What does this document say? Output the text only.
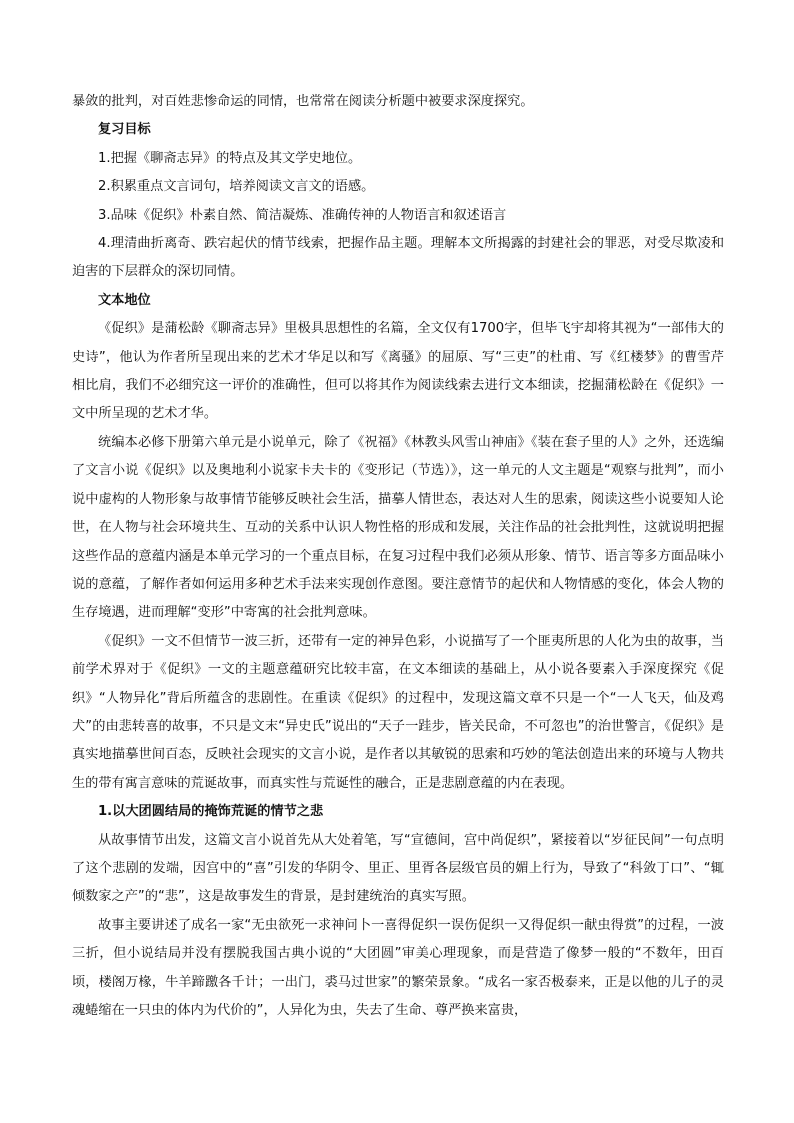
暴敛的批判，对百姓悲惨命运的同情，也常常在阅读分析题中被要求深度探究。

复习目标

1.把握《聊斋志异》的特点及其文学史地位。

2.积累重点文言词句，培养阅读文言文的语感。

3.品味《促织》朴素自然、简洁凝炼、准确传神的人物语言和叙述语言

4.理清曲折离奇、跌宕起伏的情节线索，把握作品主题。理解本文所揭露的封建社会的罪恶，对受尽欺凌和迫害的下层群众的深切同情。

文本地位

《促织》是蒲松龄《聊斋志异》里极具思想性的名篇，全文仅有1700字，但毕飞宇却将其视为“一部伟大的史诗”，他认为作者所呈现出来的艺术才华足以和写《离骚》的屈原、写“三吏”的杜甫、写《红楼梦》的曹雪芹相比肩，我们不必细究这一评价的准确性，但可以将其作为阅读线索去进行文本细读，挖掘蒲松龄在《促织》一文中所呈现的艺术才华。

统编本必修下册第六单元是小说单元，除了《祝福》《林教头风雪山神庙》《装在套子里的人》之外，还选编了文言小说《促织》以及奥地利小说家卡夫卡的《变形记（节选）》，这一单元的人文主题是“观察与批判”，而小说中虚构的人物形象与故事情节能够反映社会生活，描摹人情世态，表达对人生的思索，阅读这些小说要知人论世，在人物与社会环境共生、互动的关系中认识人物性格的形成和发展，关注作品的社会批判性，这就说明把握这些作品的意蕴内涵是本单元学习的一个重点目标，在复习过程中我们必须从形象、情节、语言等多方面品味小说的意蕴，了解作者如何运用多种艺术手法来实现创作意图。要注意情节的起伏和人物情感的变化，体会人物的生存境遇，进而理解“变形”中寄寓的社会批判意味。

《促织》一文不但情节一波三折，还带有一定的神异色彩，小说描写了一个匪夷所思的人化为虫的故事，当前学术界对于《促织》一文的主题意蕴研究比较丰富，在文本细读的基础上，从小说各要素入手深度探究《促织》“人物异化”背后所蕴含的悲剧性。在重读《促织》的过程中，发现这篇文章不只是一个“一人飞天，仙及鸡犬”的由悲转喜的故事，不只是文末“异史氏”说出的“天子一跬步，皆关民命，不可忽也”的治世警言，《促织》是真实地描摹世间百态，反映社会现实的文言小说，是作者以其敏锐的思索和巧妙的笔法创造出来的环境与人物共生的带有寓言意味的荒诞故事，而真实性与荒诞性的融合，正是悲剧意蕴的内在表现。

1.以大团圆结局的掩饰荒诞的情节之悲

从故事情节出发，这篇文言小说首先从大处着笔，写“宣德间，宫中尚促织”，紧接着以“岁征民间”一句点明了这个悲剧的发端，因宫中的“喜”引发的华阴令、里正、里胥各层级官员的媚上行为，导致了“科敛丁口”、“辄倾数家之产”的“悲”，这是故事发生的背景，是封建统治的真实写照。

故事主要讲述了成名一家“无虫欲死一求神问卜一喜得促织一误伤促织一又得促织一献虫得赏”的过程，一波三折，但小说结局并没有摆脱我国古典小说的“大团圆”审美心理现象，而是营造了像梦一般的“不数年，田百顷，楼阁万椽，牛羊蹄躈各千计；一出门，裘马过世家”的繁荣景象。“成名一家否极泰来，正是以他的儿子的灵魂蜷缩在一只虫的体内为代价的”，人异化为虫，失去了生命、尊严换来富贵，
